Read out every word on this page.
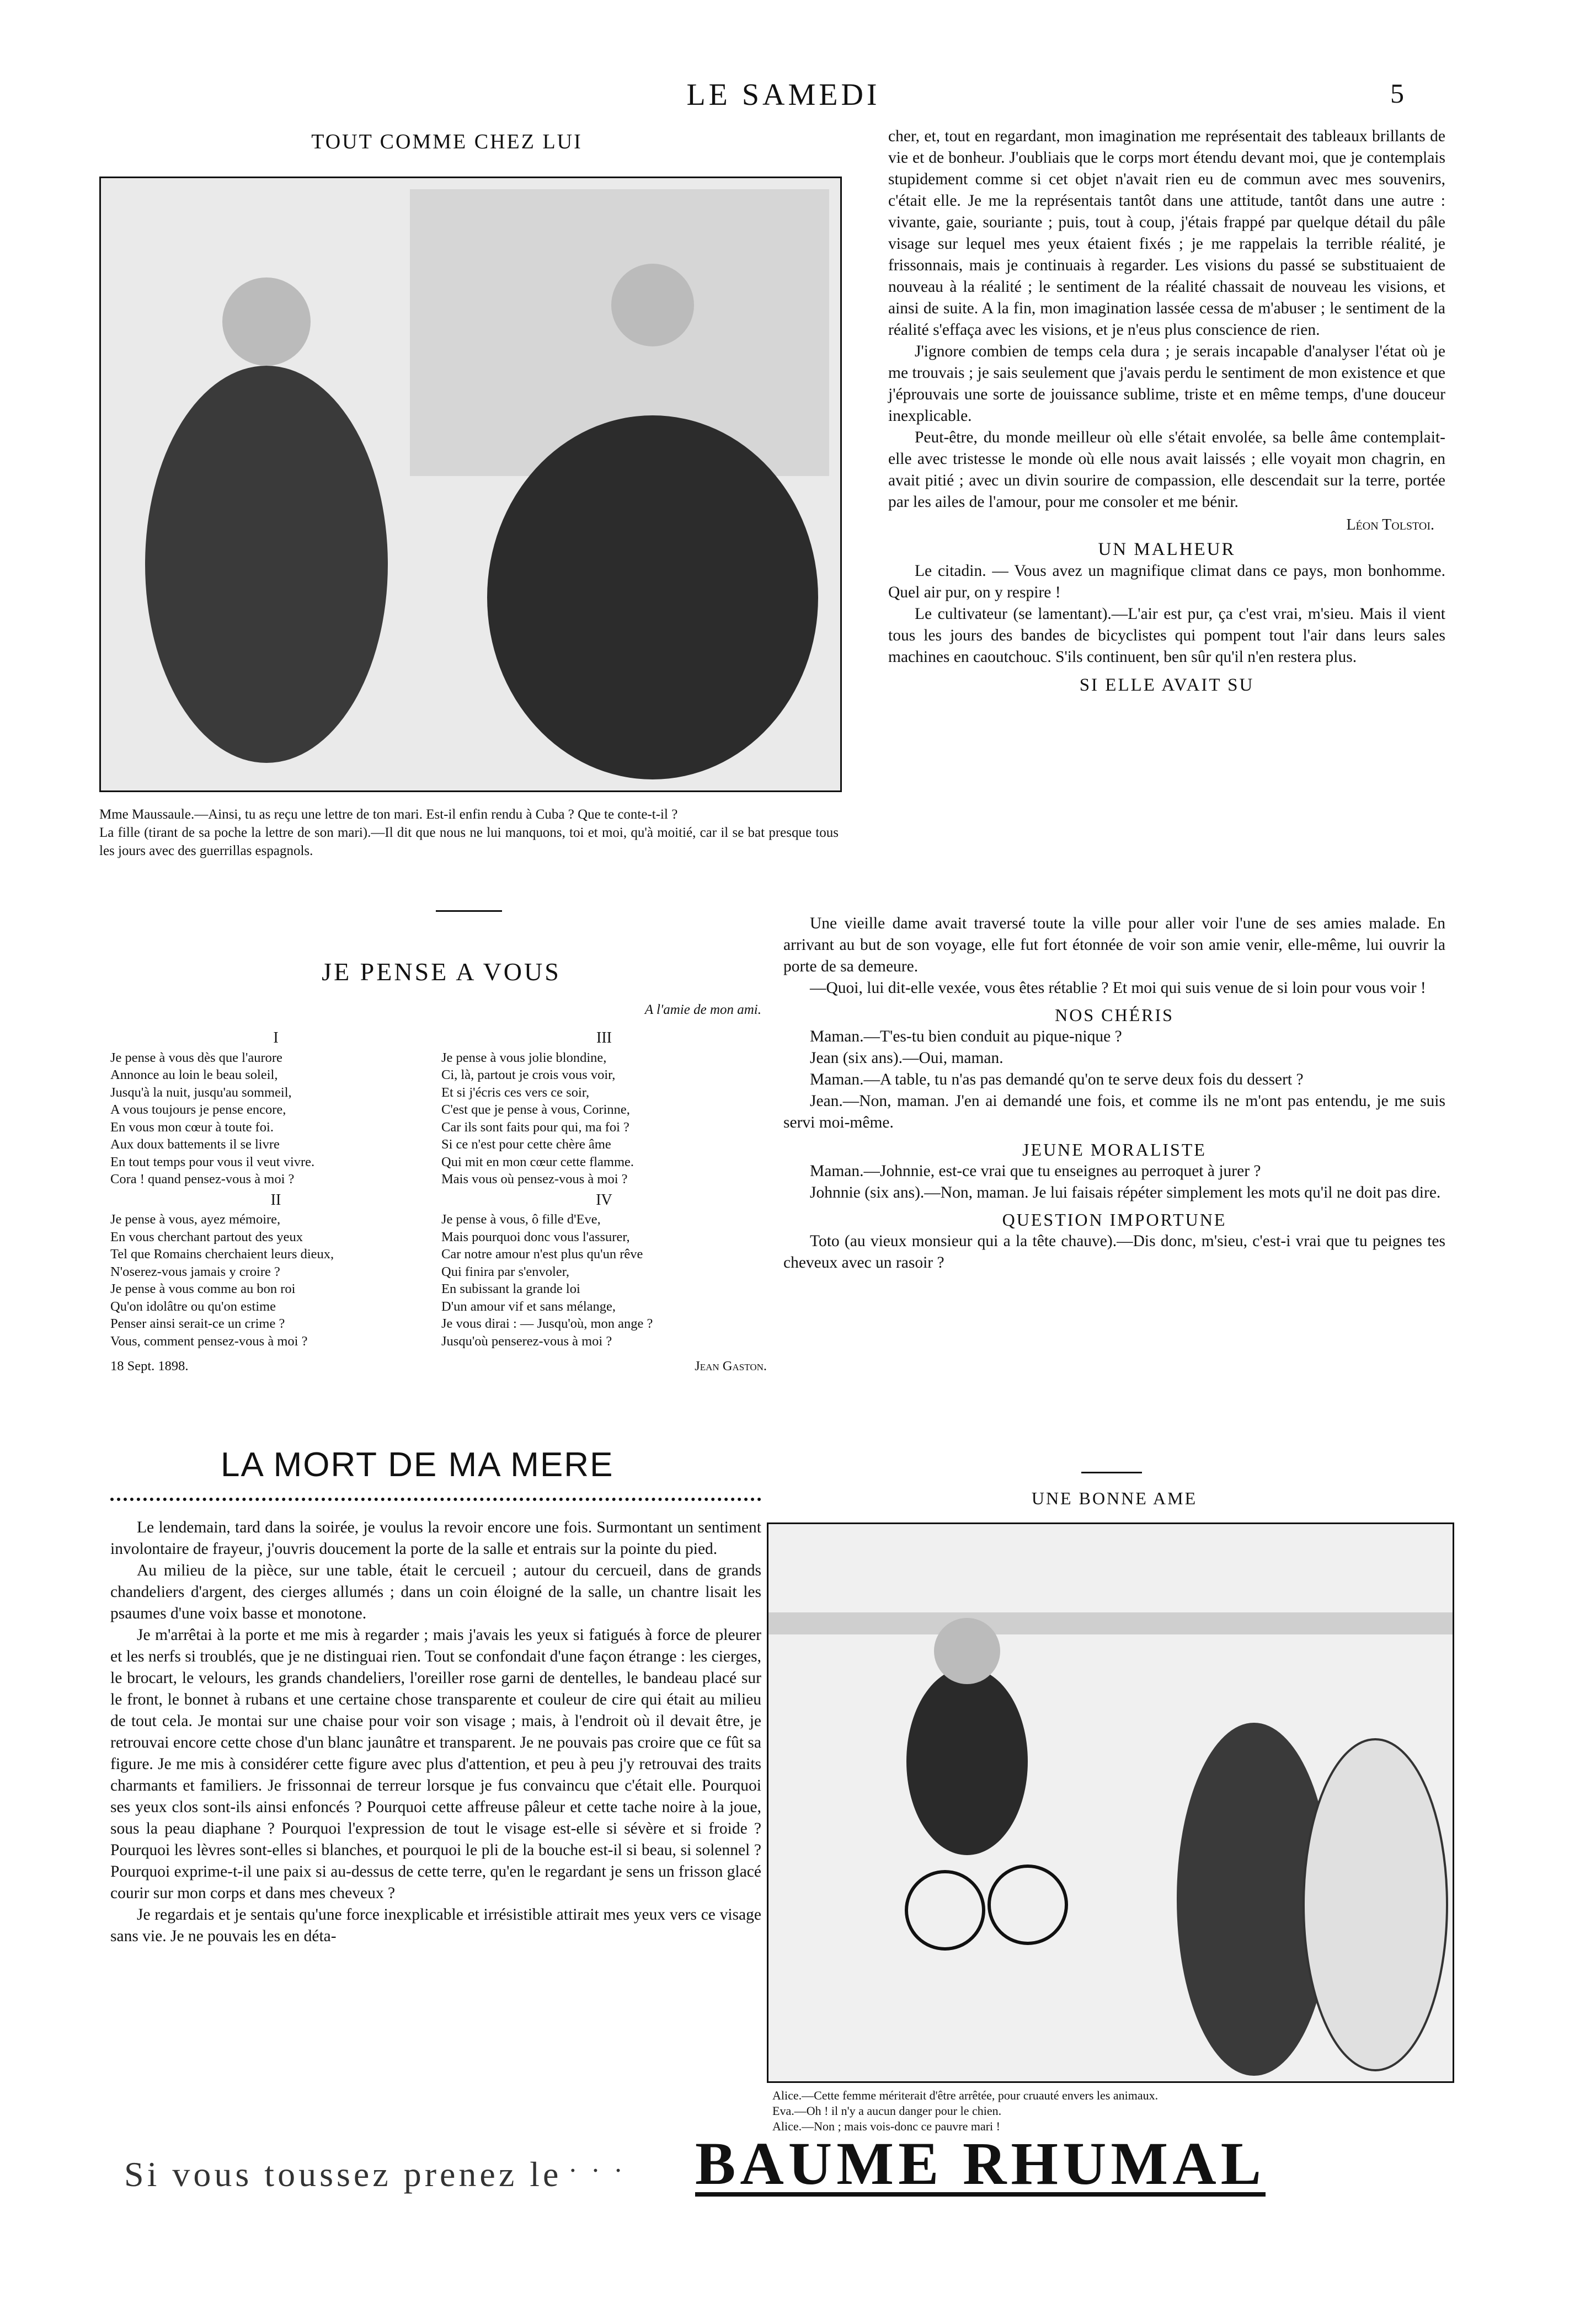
LE SAMEDI	5
TOUT COMME CHEZ LUI

Mme Maussaule.—Ainsi, tu as reçu une lettre de ton mari. Est-il enfin rendu à Cuba ? Que te conte-t-il ?

La fille (tirant de sa poche la lettre de son mari).—Il dit que nous ne lui manquons, toi et moi, qu'à moitié, car il se bat presque tous les jours avec des guerrillas espagnols.

cher, et, tout en regardant, mon imagination me représentait des tableaux brillants de vie et de bonheur. J'oubliais que le corps mort étendu devant moi, que je contemplais stupidement comme si cet objet n'avait rien eu de commun avec mes souvenirs, c'était elle. Je me la représentais tantôt dans une attitude, tantôt dans une autre : vivante, gaie, souriante ; puis, tout à coup, j'étais frappé par quelque détail du pâle visage sur lequel mes yeux étaient fixés ; je me rappelais la terrible réalité, je frissonnais, mais je continuais à regarder. Les visions du passé se substituaient de nouveau à la réalité ; le sentiment de la réalité chassait de nouveau les visions, et ainsi de suite. A la fin, mon imagination lassée cessa de m'abuser ; le sentiment de la réalité s'effaça avec les visions, et je n'eus plus conscience de rien.

J'ignore combien de temps cela dura ; je serais incapable d'analyser l'état où je me trouvais ; je sais seulement que j'avais perdu le sentiment de mon existence et que j'éprouvais une sorte de jouissance sublime, triste et en même temps, d'une douceur inexplicable.

Peut-être, du monde meilleur où elle s'était envolée, sa belle âme contemplait-elle avec tristesse le monde où elle nous avait laissés ; elle voyait mon chagrin, en avait pitié ; avec un divin sourire de compassion, elle descendait sur la terre, portée par les ailes de l'amour, pour me consoler et me bénir.

Léon Tolstoi.
UN MALHEUR

Le citadin. — Vous avez un magnifique climat dans ce pays, mon bonhomme. Quel air pur, on y respire !

Le cultivateur (se lamentant).—L'air est pur, ça c'est vrai, m'sieu. Mais il vient tous les jours des bandes de bicyclistes qui pompent tout l'air dans leurs sales machines en caoutchouc. S'ils continuent, ben sûr qu'il n'en restera plus.

SI ELLE AVAIT SU

Une vieille dame avait traversé toute la ville pour aller voir l'une de ses amies malade. En arrivant au but de son voyage, elle fut fort étonnée de voir son amie venir, elle-même, lui ouvrir la porte de sa demeure.

—Quoi, lui dit-elle vexée, vous êtes rétablie ? Et moi qui suis venue de si loin pour vous voir !

NOS CHÉRIS

Maman.—T'es-tu bien conduit au pique-nique ?

Jean (six ans).—Oui, maman.

Maman.—A table, tu n'as pas demandé qu'on te serve deux fois du dessert ?

Jean.—Non, maman. J'en ai demandé une fois, et comme ils ne m'ont pas entendu, je me suis servi moi-même.

JEUNE MORALISTE

Maman.—Johnnie, est-ce vrai que tu enseignes au perroquet à jurer ?

Johnnie (six ans).—Non, maman. Je lui faisais répéter simplement les mots qu'il ne doit pas dire.

QUESTION IMPORTUNE

Toto (au vieux monsieur qui a la tête chauve).—Dis donc, m'sieu, c'est-i vrai que tu peignes tes cheveux avec un rasoir ?

JE PENSE A VOUS
A l'amie de mon ami.
I
Je pense à vous dès que l'aurore
Annonce au loin le beau soleil,
Jusqu'à la nuit, jusqu'au sommeil,
A vous toujours je pense encore,
En vous mon cœur à toute foi.
Aux doux battements il se livre
En tout temps pour vous il veut vivre.
Cora ! quand pensez-vous à moi ?
II
Je pense à vous, ayez mémoire,
En vous cherchant partout des yeux
Tel que Romains cherchaient leurs dieux,
N'oserez-vous jamais y croire ?
Je pense à vous comme au bon roi
Qu'on idolâtre ou qu'on estime
Penser ainsi serait-ce un crime ?
Vous, comment pensez-vous à moi ?
18 Sept. 1898.
III
Je pense à vous jolie blondine,
Ci, là, partout je crois vous voir,
Et si j'écris ces vers ce soir,
C'est que je pense à vous, Corinne,
Car ils sont faits pour qui, ma foi ?
Si ce n'est pour cette chère âme
Qui mit en mon cœur cette flamme.
Mais vous où pensez-vous à moi ?
IV
Je pense à vous, ô fille d'Eve,
Mais pourquoi donc vous l'assurer,
Car notre amour n'est plus qu'un rêve
Qui finira par s'envoler,
En subissant la grande loi
D'un amour vif et sans mélange,
Je vous dirai : — Jusqu'où, mon ange ?
Jusqu'où penserez-vous à moi ?
Jean Gaston.
LA MORT DE MA MERE

Le lendemain, tard dans la soirée, je voulus la revoir encore une fois. Surmontant un sentiment involontaire de frayeur, j'ouvris doucement la porte de la salle et entrais sur la pointe du pied.

Au milieu de la pièce, sur une table, était le cercueil ; autour du cercueil, dans de grands chandeliers d'argent, des cierges allumés ; dans un coin éloigné de la salle, un chantre lisait les psaumes d'une voix basse et monotone.

Je m'arrêtai à la porte et me mis à regarder ; mais j'avais les yeux si fatigués à force de pleurer et les nerfs si troublés, que je ne distinguai rien. Tout se confondait d'une façon étrange : les cierges, le brocart, le velours, les grands chandeliers, l'oreiller rose garni de dentelles, le bandeau placé sur le front, le bonnet à rubans et une certaine chose transparente et couleur de cire qui était au milieu de tout cela. Je montai sur une chaise pour voir son visage ; mais, à l'endroit où il devait être, je retrouvai encore cette chose d'un blanc jaunâtre et transparent. Je ne pouvais pas croire que ce fût sa figure. Je me mis à considérer cette figure avec plus d'attention, et peu à peu j'y retrouvai des traits charmants et familiers. Je frissonnai de terreur lorsque je fus convaincu que c'était elle. Pourquoi ses yeux clos sont-ils ainsi enfoncés ? Pourquoi cette affreuse pâleur et cette tache noire à la joue, sous la peau diaphane ? Pourquoi l'expression de tout le visage est-elle si sévère et si froide ? Pourquoi les lèvres sont-elles si blanches, et pourquoi le pli de la bouche est-il si beau, si solennel ? Pourquoi exprime-t-il une paix si au-dessus de cette terre, qu'en le regardant je sens un frisson glacé courir sur mon corps et dans mes cheveux ?

Je regardais et je sentais qu'une force inexplicable et irrésistible attirait mes yeux vers ce visage sans vie. Je ne pouvais les en déta-

UNE BONNE AME

Alice.—Cette femme mériterait d'être arrêtée, pour cruauté envers les animaux.

Eva.—Oh ! il n'y a aucun danger pour le chien.

Alice.—Non ; mais vois-donc ce pauvre mari !

Si vous toussez prenez le · · · BAUME RHUMAL
